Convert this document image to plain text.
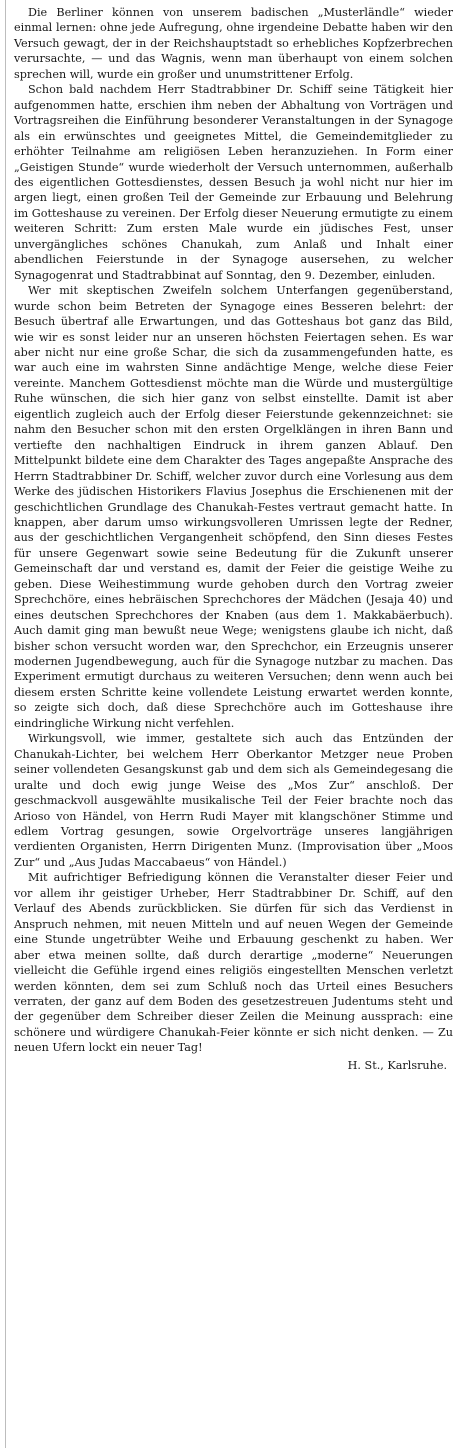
Die Berliner können von unserem badischen „Musterländle“ wieder einmal lernen: ohne jede Aufregung, ohne irgendeine Debatte haben wir den Versuch gewagt, der in der Reichshauptstadt so erhebliches Kopfzerbrechen verursachte, — und das Wagnis, wenn man überhaupt von einem solchen sprechen will, wurde ein großer und unumstrittener Erfolg.

Schon bald nachdem Herr Stadtrabbiner Dr. Schiff seine Tätigkeit hier aufgenommen hatte, erschien ihm neben der Abhaltung von Vorträgen und Vortragsreihen die Einführung besonderer Veranstaltungen in der Synagoge als ein erwünschtes und geeignetes Mittel, die Gemeindemitglieder zu erhöhter Teilnahme am religiösen Leben heranzuziehen. In Form einer „Geistigen Stunde“ wurde wiederholt der Versuch unternommen, außerhalb des eigentlichen Gottesdienstes, dessen Besuch ja wohl nicht nur hier im argen liegt, einen großen Teil der Gemeinde zur Erbauung und Belehrung im Gotteshause zu vereinen. Der Erfolg dieser Neuerung ermutigte zu einem weiteren Schritt: Zum ersten Male wurde ein jüdisches Fest, unser unvergängliches schönes Chanukah, zum Anlaß und Inhalt einer abendlichen Feierstunde in der Synagoge ausersehen, zu welcher Synagogenrat und Stadtrabbinat auf Sonntag, den 9. Dezember, einluden.

Wer mit skeptischen Zweifeln solchem Unterfangen gegenüberstand, wurde schon beim Betreten der Synagoge eines Besseren belehrt: der Besuch übertraf alle Erwartungen, und das Gotteshaus bot ganz das Bild, wie wir es sonst leider nur an unseren höchsten Feiertagen sehen. Es war aber nicht nur eine große Schar, die sich da zusammengefunden hatte, es war auch eine im wahrsten Sinne andächtige Menge, welche diese Feier vereinte. Manchem Gottesdienst möchte man die Würde und mustergültige Ruhe wünschen, die sich hier ganz von selbst einstellte. Damit ist aber eigentlich zugleich auch der Erfolg dieser Feierstunde gekennzeichnet: sie nahm den Besucher schon mit den ersten Orgelklängen in ihren Bann und vertiefte den nachhaltigen Eindruck in ihrem ganzen Ablauf. Den Mittelpunkt bildete eine dem Charakter des Tages angepaßte Ansprache des Herrn Stadtrabbiner Dr. Schiff, welcher zuvor durch eine Vorlesung aus dem Werke des jüdischen Historikers Flavius Josephus die Erschienenen mit der geschichtlichen Grundlage des Chanukah-Festes vertraut gemacht hatte. In knappen, aber darum umso wirkungsvolleren Umrissen legte der Redner, aus der geschichtlichen Vergangenheit schöpfend, den Sinn dieses Festes für unsere Gegenwart sowie seine Bedeutung für die Zukunft unserer Gemeinschaft dar und verstand es, damit der Feier die geistige Weihe zu geben. Diese Weihestimmung wurde gehoben durch den Vortrag zweier Sprechchöre, eines hebräischen Sprechchores der Mädchen (Jesaja 40) und eines deutschen Sprechchores der Knaben (aus dem 1. Makkabäerbuch). Auch damit ging man bewußt neue Wege; wenigstens glaube ich nicht, daß bisher schon versucht worden war, den Sprechchor, ein Erzeugnis unserer modernen Jugendbewegung, auch für die Synagoge nutzbar zu machen. Das Experiment ermutigt durchaus zu weiteren Versuchen; denn wenn auch bei diesem ersten Schritte keine vollendete Leistung erwartet werden konnte, so zeigte sich doch, daß diese Sprechchöre auch im Gotteshause ihre eindringliche Wirkung nicht verfehlen.

Wirkungsvoll, wie immer, gestaltete sich auch das Entzünden der Chanukah-Lichter, bei welchem Herr Oberkantor Metzger neue Proben seiner vollendeten Gesangskunst gab und dem sich als Gemeindegesang die uralte und doch ewig junge Weise des „Mos Zur“ anschloß. Der geschmackvoll ausgewählte musikalische Teil der Feier brachte noch das Arioso von Händel, von Herrn Rudi Mayer mit klangschöner Stimme und edlem Vortrag gesungen, sowie Orgelvorträge unseres langjährigen verdienten Organisten, Herrn Dirigenten Munz. (Improvisation über „Moos Zur“ und „Aus Judas Maccabaeus“ von Händel.)

Mit aufrichtiger Befriedigung können die Veranstalter dieser Feier und vor allem ihr geistiger Urheber, Herr Stadtrabbiner Dr. Schiff, auf den Verlauf des Abends zurückblicken. Sie dürfen für sich das Verdienst in Anspruch nehmen, mit neuen Mitteln und auf neuen Wegen der Gemeinde eine Stunde ungetrübter Weihe und Erbauung geschenkt zu haben. Wer aber etwa meinen sollte, daß durch derartige „moderne“ Neuerungen vielleicht die Gefühle irgend eines religiös eingestellten Menschen verletzt werden könnten, dem sei zum Schluß noch das Urteil eines Besuchers verraten, der ganz auf dem Boden des gesetzestreuen Judentums steht und der gegenüber dem Schreiber dieser Zeilen die Meinung aussprach: eine schönere und würdigere Chanukah-Feier könnte er sich nicht denken. — Zu neuen Ufern lockt ein neuer Tag!

H. St., Karlsruhe.
